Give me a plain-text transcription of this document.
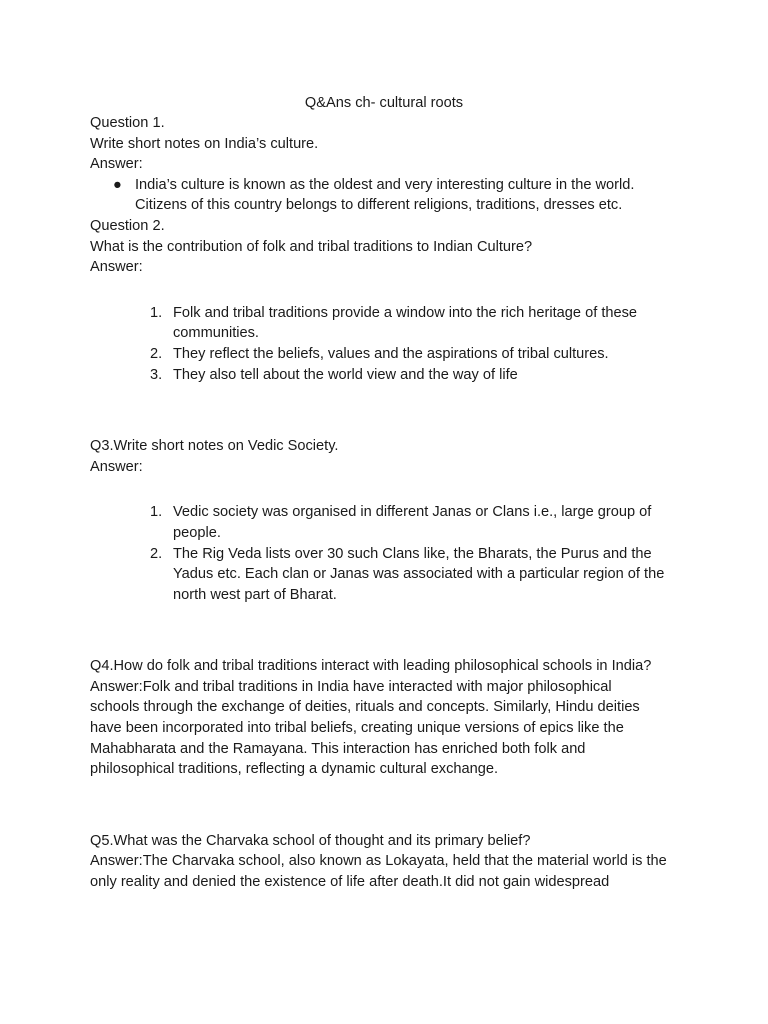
Q&Ans ch- cultural roots

Question 1.

Write short notes on India’s culture.

Answer:

● India’s culture is known as the oldest and very interesting culture in the world. Citizens of this country belongs to different religions, traditions, dresses etc.

Question 2.

What is the contribution of folk and tribal traditions to Indian Culture?

Answer:

1. Folk and tribal traditions provide a window into the rich heritage of these communities.
2. They reflect the beliefs, values and the aspirations of tribal cultures.
3. They also tell about the world view and the way of life

Q3.Write short notes on Vedic Society.

Answer:

1. Vedic society was organised in different Janas or Clans i.e., large group of people.
2. The Rig Veda lists over 30 such Clans like, the Bharats, the Purus and the Yadus etc. Each clan or Janas was associated with a particular region of the north west part of Bharat.

Q4.How do folk and tribal traditions interact with leading philosophical schools in India?

Answer:Folk and tribal traditions in India have interacted with major philosophical schools through the exchange of deities, rituals and concepts. Similarly, Hindu deities have been incorporated into tribal beliefs, creating unique versions of epics like the Mahabharata and the Ramayana. This interaction has enriched both folk and philosophical traditions, reflecting a dynamic cultural exchange.

Q5.What was the Charvaka school of thought and its primary belief?

Answer:The Charvaka school, also known as Lokayata, held that the material world is the only reality and denied the existence of life after death.It did not gain widespread
